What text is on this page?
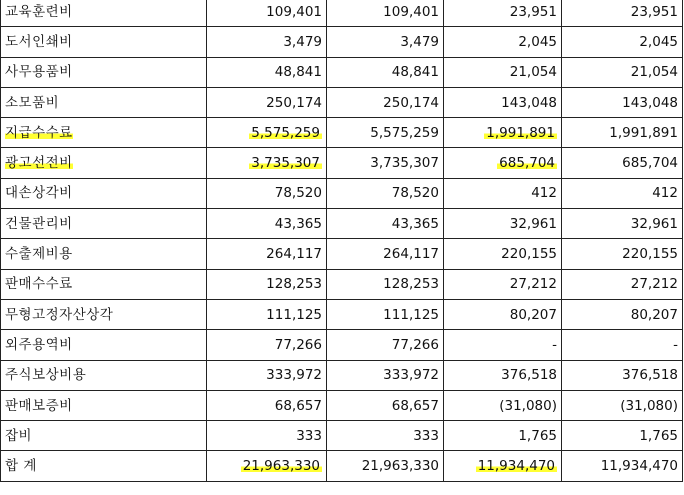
교육훈련비	109,401	109,401	23,951	23,951
도서인쇄비	3,479	3,479	2,045	2,045
사무용품비	48,841	48,841	21,054	21,054
소모품비	250,174	250,174	143,048	143,048
지급수수료	5,575,259	5,575,259	1,991,891	1,991,891
광고선전비	3,735,307	3,735,307	685,704	685,704
대손상각비	78,520	78,520	412	412
건물관리비	43,365	43,365	32,961	32,961
수출제비용	264,117	264,117	220,155	220,155
판매수수료	128,253	128,253	27,212	27,212
무형고정자산상각	111,125	111,125	80,207	80,207
외주용역비	77,266	77,266	-	-
주식보상비용	333,972	333,972	376,518	376,518
판매보증비	68,657	68,657	(31,080)	(31,080)
잡비	333	333	1,765	1,765
합 계	21,963,330	21,963,330	11,934,470	11,934,470
